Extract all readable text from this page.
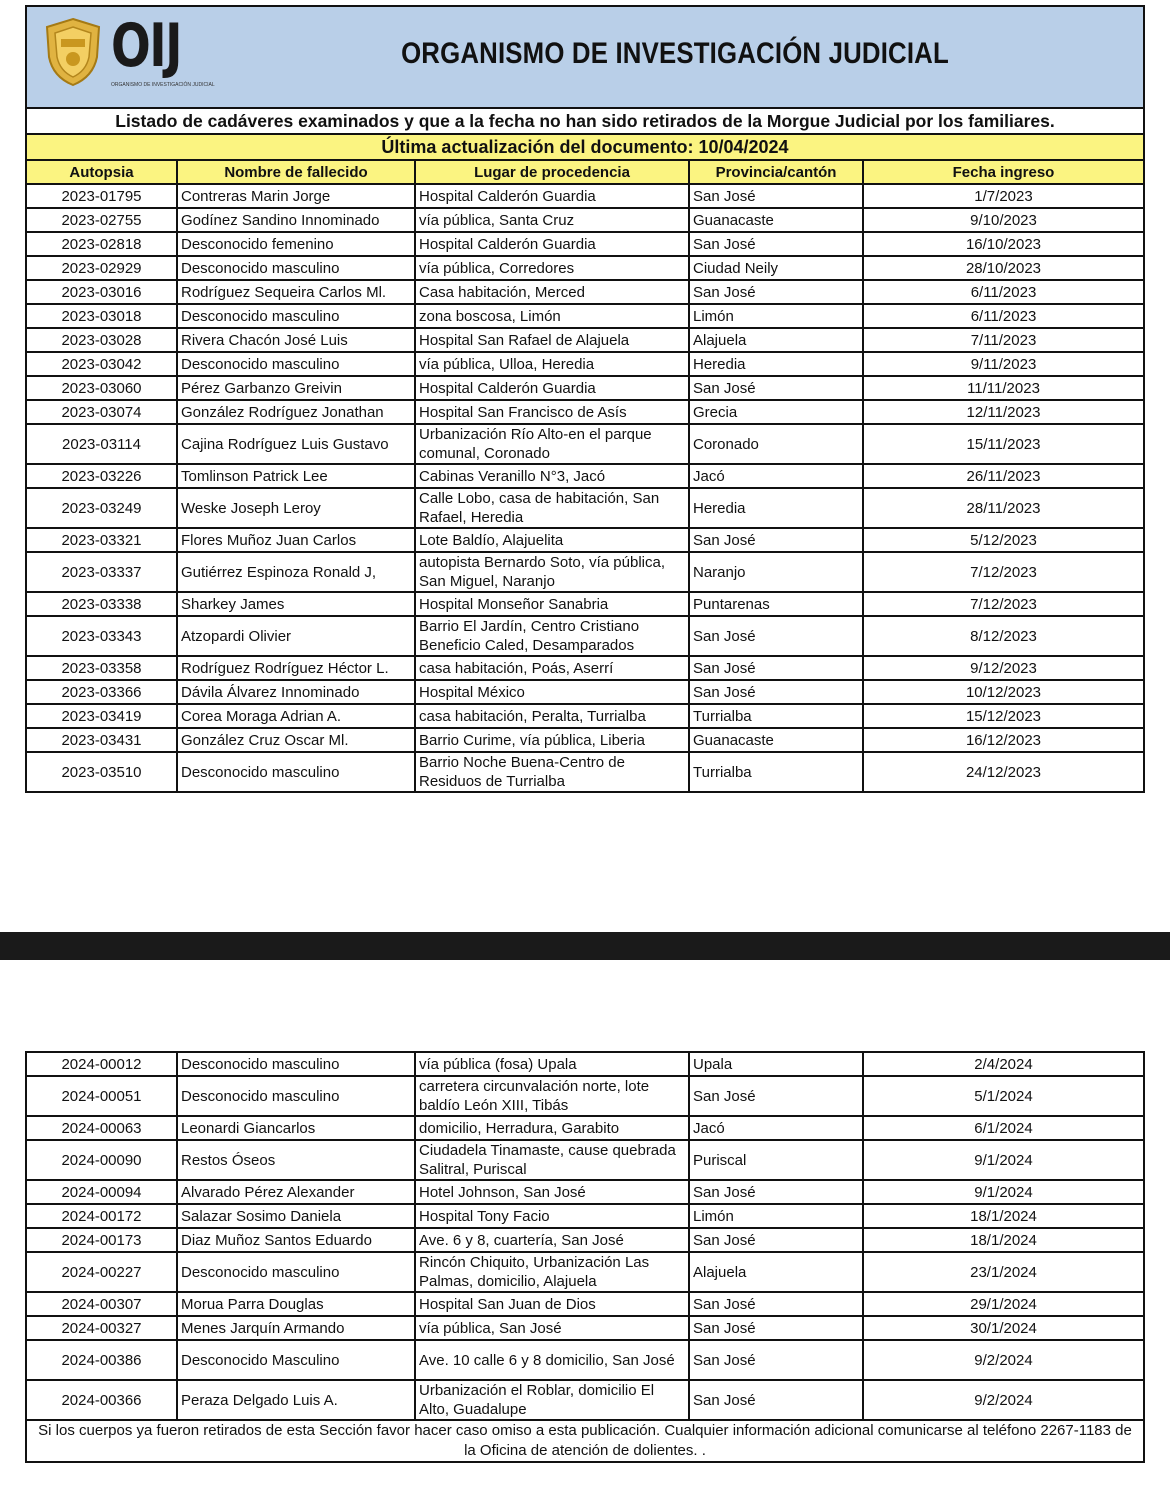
OIJ
ORGANISMO DE INVESTIGACIÓN JUDICIAL
ORGANISMO DE INVESTIGACIÓN JUDICIAL
Listado de cadáveres examinados y que a la fecha no han sido retirados de la Morgue Judicial por los familiares.
Última actualización del documento: 10/04/2024
Autopsia	Nombre de fallecido	Lugar de procedencia	Provincia/cantón	Fecha ingreso
2023-01795	Contreras Marin Jorge	Hospital Calderón Guardia	San José	1/7/2023
2023-02755	Godínez Sandino Innominado	vía pública, Santa Cruz	Guanacaste	9/10/2023
2023-02818	Desconocido femenino	Hospital Calderón Guardia	San José	16/10/2023
2023-02929	Desconocido masculino	vía pública, Corredores	Ciudad Neily	28/10/2023
2023-03016	Rodríguez Sequeira Carlos Ml.	Casa habitación, Merced	San José	6/11/2023
2023-03018	Desconocido masculino	zona boscosa, Limón	Limón	6/11/2023
2023-03028	Rivera Chacón José Luis	Hospital San Rafael de Alajuela	Alajuela	7/11/2023
2023-03042	Desconocido masculino	vía pública, Ulloa, Heredia	Heredia	9/11/2023
2023-03060	Pérez Garbanzo Greivin	Hospital Calderón Guardia	San José	11/11/2023
2023-03074	González Rodríguez Jonathan	Hospital San Francisco de Asís	Grecia	12/11/2023
2023-03114	Cajina Rodríguez Luis Gustavo	Urbanización Río Alto-en el parque comunal, Coronado	Coronado	15/11/2023
2023-03226	Tomlinson Patrick Lee	Cabinas Veranillo N°3, Jacó	Jacó	26/11/2023
2023-03249	Weske Joseph Leroy	Calle Lobo, casa de habitación, San Rafael, Heredia	Heredia	28/11/2023
2023-03321	Flores Muñoz Juan Carlos	Lote Baldío, Alajuelita	San José	5/12/2023
2023-03337	Gutiérrez Espinoza Ronald J,	autopista Bernardo Soto, vía pública, San Miguel, Naranjo	Naranjo	7/12/2023
2023-03338	Sharkey James	Hospital Monseñor Sanabria	Puntarenas	7/12/2023
2023-03343	Atzopardi Olivier	Barrio El Jardín, Centro Cristiano Beneficio Caled, Desamparados	San José	8/12/2023
2023-03358	Rodríguez Rodríguez Héctor L.	casa habitación, Poás, Aserrí	San José	9/12/2023
2023-03366	Dávila Álvarez Innominado	Hospital México	San José	10/12/2023
2023-03419	Corea Moraga Adrian A.	casa habitación, Peralta, Turrialba	Turrialba	15/12/2023
2023-03431	González Cruz Oscar Ml.	Barrio Curime, vía pública, Liberia	Guanacaste	16/12/2023
2023-03510	Desconocido masculino	Barrio Noche Buena-Centro de Residuos de Turrialba	Turrialba	24/12/2023
2024-00012	Desconocido masculino	vía pública (fosa) Upala	Upala	2/4/2024
2024-00051	Desconocido masculino	carretera circunvalación norte, lote baldío León XIII, Tibás	San José	5/1/2024
2024-00063	Leonardi Giancarlos	domicilio, Herradura, Garabito	Jacó	6/1/2024
2024-00090	Restos Óseos	Ciudadela Tinamaste, cause quebrada Salitral, Puriscal	Puriscal	9/1/2024
2024-00094	Alvarado Pérez Alexander	Hotel Johnson, San José	San José	9/1/2024
2024-00172	Salazar Sosimo Daniela	Hospital Tony Facio	Limón	18/1/2024
2024-00173	Diaz Muñoz Santos Eduardo	Ave. 6 y 8, cuartería, San José	San José	18/1/2024
2024-00227	Desconocido masculino	Rincón Chiquito, Urbanización Las Palmas, domicilio, Alajuela	Alajuela	23/1/2024
2024-00307	Morua Parra Douglas	Hospital San Juan de Dios	San José	29/1/2024
2024-00327	Menes Jarquín Armando	vía pública, San José	San José	30/1/2024
2024-00386	Desconocido Masculino	Ave. 10 calle 6 y 8 domicilio, San José	San José	9/2/2024
2024-00366	Peraza Delgado Luis A.	Urbanización el Roblar, domicilio El Alto, Guadalupe	San José	9/2/2024
Si los cuerpos ya fueron retirados de esta Sección favor hacer caso omiso a esta publicación. Cualquier información adicional comunicarse al teléfono 2267-1183 de la Oficina de atención de dolientes. .
